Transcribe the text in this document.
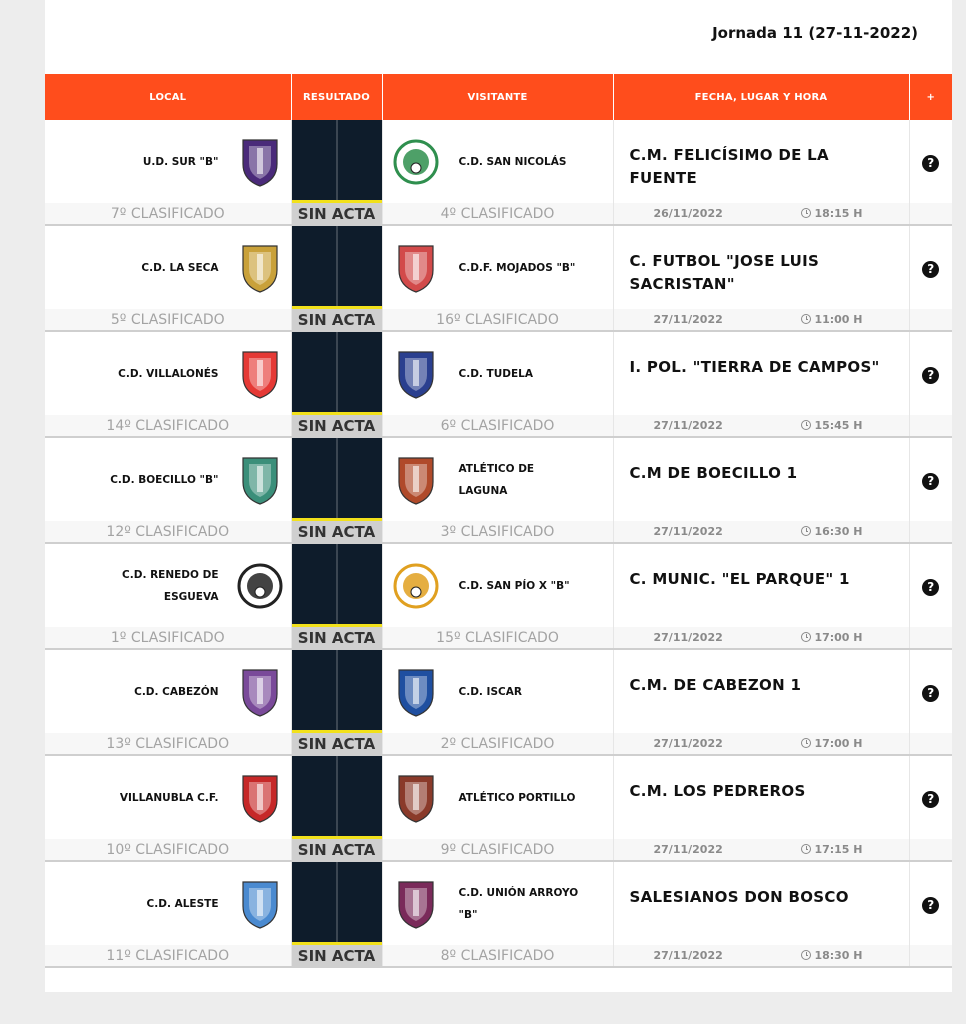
Jornada 11 (27-11-2022)
LOCAL	RESULTADO	VISITANTE	FECHA, LUGAR Y HORA	+

U.D. SUR "B"		C.D. SAN NICOLÁS	C.M. FELICÍSIMO DE LA FUENTE	?
7º CLASIFICADO	SIN ACTA	4º CLASIFICADO	26/11/2022 18:15 H	

C.D. LA SECA		C.D.F. MOJADOS "B"	C. FUTBOL "JOSE LUIS SACRISTAN"	?
5º CLASIFICADO	SIN ACTA	16º CLASIFICADO	27/11/2022 11:00 H	

C.D. VILLALONÉS		C.D. TUDELA	I. POL. "TIERRA DE CAMPOS"	?
14º CLASIFICADO	SIN ACTA	6º CLASIFICADO	27/11/2022 15:45 H	

C.D. BOECILLO "B"		ATLÉTICO DE LAGUNA	C.M DE BOECILLO 1	?
12º CLASIFICADO	SIN ACTA	3º CLASIFICADO	27/11/2022 16:30 H	

C.D. RENEDO DE ESGUEVA		C.D. SAN PÍO X "B"	C. MUNIC. "EL PARQUE" 1	?
1º CLASIFICADO	SIN ACTA	15º CLASIFICADO	27/11/2022 17:00 H	

C.D. CABEZÓN		C.D. ISCAR	C.M. DE CABEZON 1	?
13º CLASIFICADO	SIN ACTA	2º CLASIFICADO	27/11/2022 17:00 H	

VILLANUBLA C.F.		ATLÉTICO PORTILLO	C.M. LOS PEDREROS	?
10º CLASIFICADO	SIN ACTA	9º CLASIFICADO	27/11/2022 17:15 H	

C.D. ALESTE		C.D. UNIÓN ARROYO "B"	SALESIANOS DON BOSCO	?
11º CLASIFICADO	SIN ACTA	8º CLASIFICADO	27/11/2022 18:30 H	
